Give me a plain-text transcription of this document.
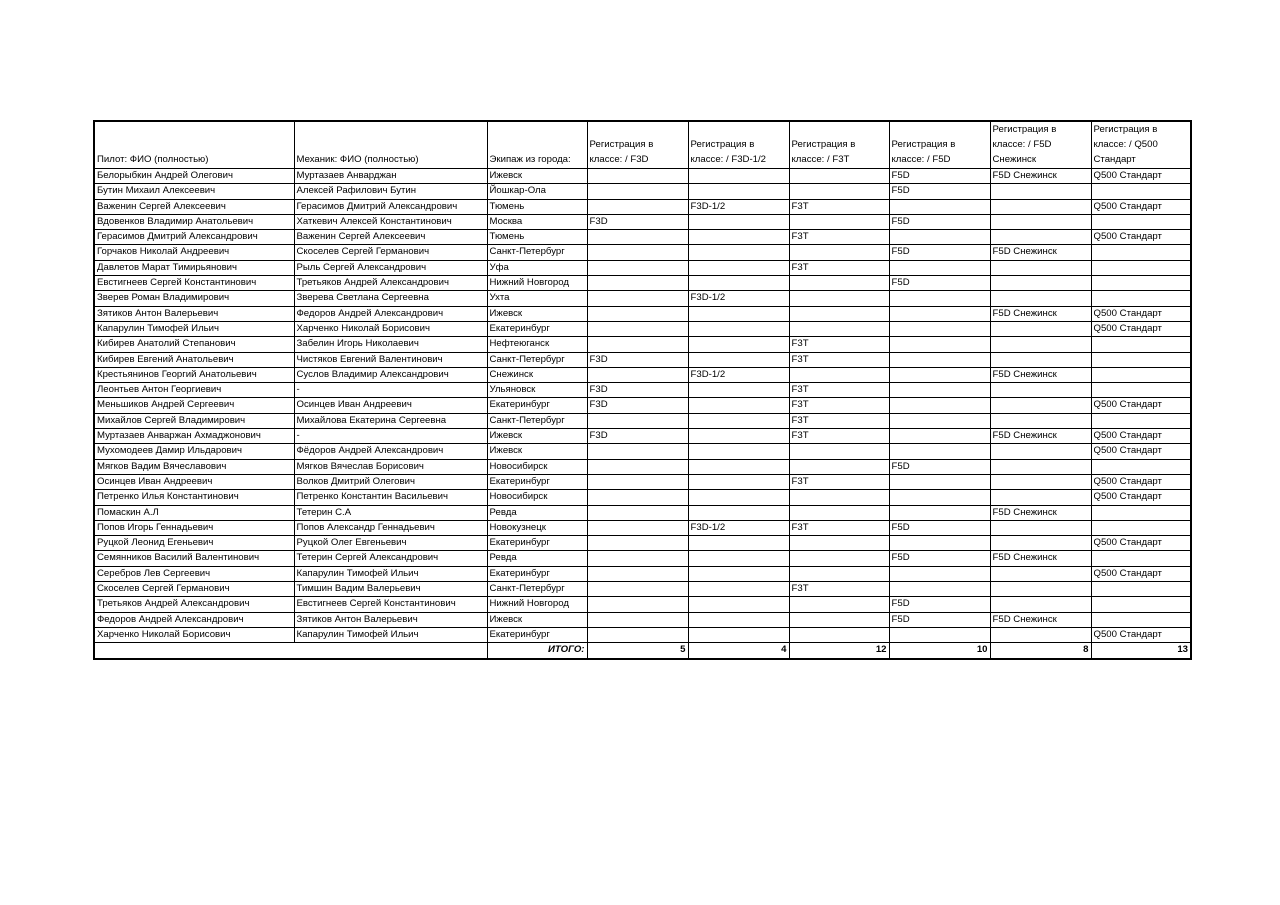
Пилот: ФИО (полностью)	Механик: ФИО (полностью)	Экипаж из города:	Регистрация в классе: / F3D	Регистрация в классе: / F3D-1/2	Регистрация в классе: / F3T	Регистрация в классе: / F5D	Регистрация в классе: / F5D Снежинск	Регистрация в классе: / Q500 Стандарт
Белорыбкин Андрей Олегович	Муртазаев Анварджан	Ижевск				F5D	F5D Снежинск	Q500 Стандарт
Бутин Михаил Алексеевич	Алексей Рафилович Бутин	Йошкар-Ола				F5D		
Важенин Сергей Алексеевич	Герасимов Дмитрий Александрович	Тюмень		F3D-1/2	F3T			Q500 Стандарт
Вдовенков Владимир Анатольевич	Хаткевич Алексей Константинович	Москва	F3D			F5D		
Герасимов Дмитрий Александрович	Важенин Сергей Алексеевич	Тюмень			F3T			Q500 Стандарт
Горчаков Николай Андреевич	Скоселев Сергей Германович	Санкт-Петербург				F5D	F5D Снежинск	
Давлетов Марат Тимирьянович	Рыль Сергей Александрович	Уфа			F3T			
Евстигнеев Сергей Константинович	Третьяков Андрей Александрович	Нижний Новгород				F5D		
Зверев Роман Владимирович	Зверева Светлана Сергеевна	Ухта		F3D-1/2				
Зятиков Антон Валерьевич	Федоров Андрей Александрович	Ижевск					F5D Снежинск	Q500 Стандарт
Капарулин Тимофей Ильич	Харченко Николай Борисович	Екатеринбург						Q500 Стандарт
Кибирев Анатолий Степанович	Забелин Игорь Николаевич	Нефтеюганск			F3T			
Кибирев Евгений Анатольевич	Чистяков Евгений Валентинович	Санкт-Петербург	F3D		F3T			
Крестьянинов Георгий Анатольевич	Суслов Владимир Александрович	Снежинск		F3D-1/2			F5D Снежинск	
Леонтьев Антон Георгиевич	-	Ульяновск	F3D		F3T			
Меньшиков Андрей Сергеевич	Осинцев Иван Андреевич	Екатеринбург	F3D		F3T			Q500 Стандарт
Михайлов Сергей Владимирович	Михайлова Екатерина Сергеевна	Санкт-Петербург			F3T			
Муртазаев Анваржан Ахмаджонович	-	Ижевск	F3D		F3T		F5D Снежинск	Q500 Стандарт
Мухомодеев Дамир Ильдарович	Фёдоров Андрей Александрович	Ижевск						Q500 Стандарт
Мягков Вадим Вячеславович	Мягков Вячеслав Борисович	Новосибирск				F5D		
Осинцев Иван Андреевич	Волков Дмитрий Олегович	Екатеринбург			F3T			Q500 Стандарт
Петренко Илья Константинович	Петренко Константин Васильевич	Новосибирск						Q500 Стандарт
Помаскин А.Л	Тетерин С.А	Ревда					F5D Снежинск	
Попов Игорь Геннадьевич	Попов Александр Геннадьевич	Новокузнецк		F3D-1/2	F3T	F5D		
Руцкой Леонид Егеньевич	Руцкой Олег Евгеньевич	Екатеринбург						Q500 Стандарт
Семянников Василий Валентинович	Тетерин Сергей Александрович	Ревда				F5D	F5D Снежинск	
Серебров Лев Сергеевич	Капарулин Тимофей Ильич	Екатеринбург						Q500 Стандарт
Скоселев Сергей Германович	Тимшин Вадим Валерьевич	Санкт-Петербург			F3T			
Третьяков Андрей Александрович	Евстигнеев Сергей Константинович	Нижний Новгород				F5D		
Федоров Андрей Александрович	Зятиков Антон Валерьевич	Ижевск				F5D	F5D Снежинск	
Харченко Николай Борисович	Капарулин Тимофей Ильич	Екатеринбург						Q500 Стандарт
		ИТОГО:	5	4	12	10	8	13
